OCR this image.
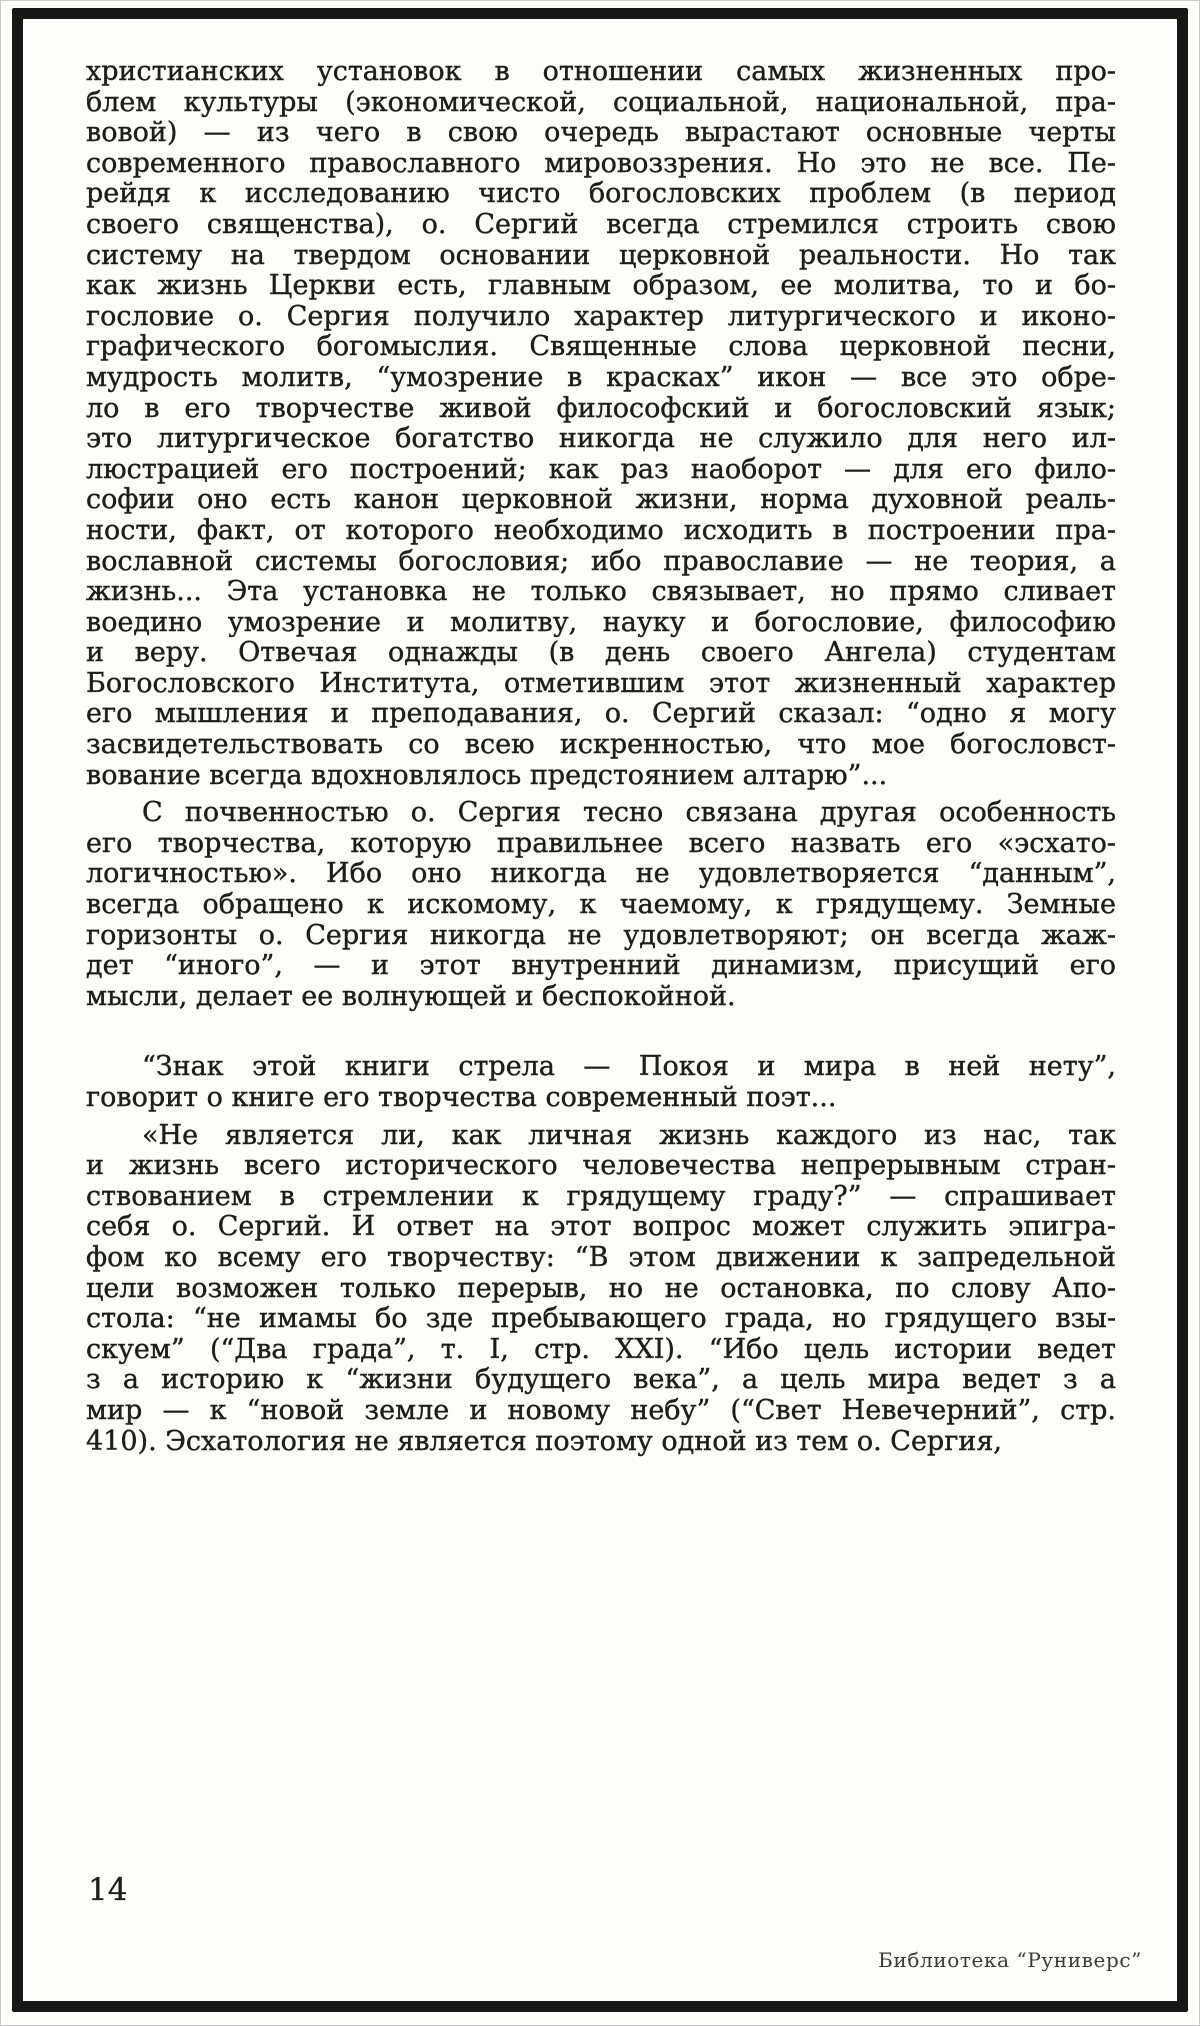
христианских установок в отношении самых жизненных про-
блем культуры (экономической, социальной, национальной, пра-
вовой) — из чего в свою очередь вырастают основные черты
современного православного мировоззрения. Но это не все. Пе-
рейдя к исследованию чисто богословских проблем (в период
своего священства), о. Сергий всегда стремился строить свою
систему на твердом основании церковной реальности. Но так
как жизнь Церкви есть, главным образом, ее молитва, то и бо-
гословие о. Сергия получило характер литургического и иконо-
графического богомыслия. Священные слова церковной песни,
мудрость молитв, “умозрение в красках” икон — все это обре-
ло в его творчестве живой философский и богословский язык;
это литургическое богатство никогда не служило для него ил-
люстрацией его построений; как раз наоборот — для его фило-
софии оно есть канон церковной жизни, норма духовной реаль-
ности, факт, от которого необходимо исходить в построении пра-
вославной системы богословия; ибо православие — не теория, а
жизнь... Эта установка не только связывает, но прямо сливает
воедино умозрение и молитву, науку и богословие, философию
и веру. Отвечая однажды (в день своего Ангела) студентам
Богословского Института, отметившим этот жизненный характер
его мышления и преподавания, о. Сергий сказал: “одно я могу
засвидетельствовать со всею искренностью, что мое богословст-
вование всегда вдохновлялось предстоянием алтарю”...
С почвенностью о. Сергия тесно связана другая особенность
его творчества, которую правильнее всего назвать его «эсхато-
логичностью». Ибо оно никогда не удовлетворяется “данным”,
всегда обращено к искомому, к чаемому, к грядущему. Земные
горизонты о. Сергия никогда не удовлетворяют; он всегда жаж-
дет “иного”, — и этот внутренний динамизм, присущий его
мысли, делает ее волнующей и беспокойной.
“Знак этой книги стрела — Покоя и мира в ней нету”,
говорит о книге его творчества современный поэт...
«Не является ли, как личная жизнь каждого из нас, так
и жизнь всего исторического человечества непрерывным стран-
ствованием в стремлении к грядущему граду?” — спрашивает
себя о. Сергий. И ответ на этот вопрос может служить эпигра-
фом ко всему его творчеству: “В этом движении к запредельной
цели возможен только перерыв, но не остановка, по слову Апо-
стола: “не имамы бо зде пребывающего града, но грядущего взы-
скуем” (“Два града”, т. I, стр. XXI). “Ибо цель истории ведет
з а историю к “жизни будущего века”, а цель мира ведет з а
мир — к “новой земле и новому небу” (“Свет Невечерний”, стр.
410). Эсхатология не является поэтому одной из тем о. Сергия,
14
Библиотека “Руниверс”
